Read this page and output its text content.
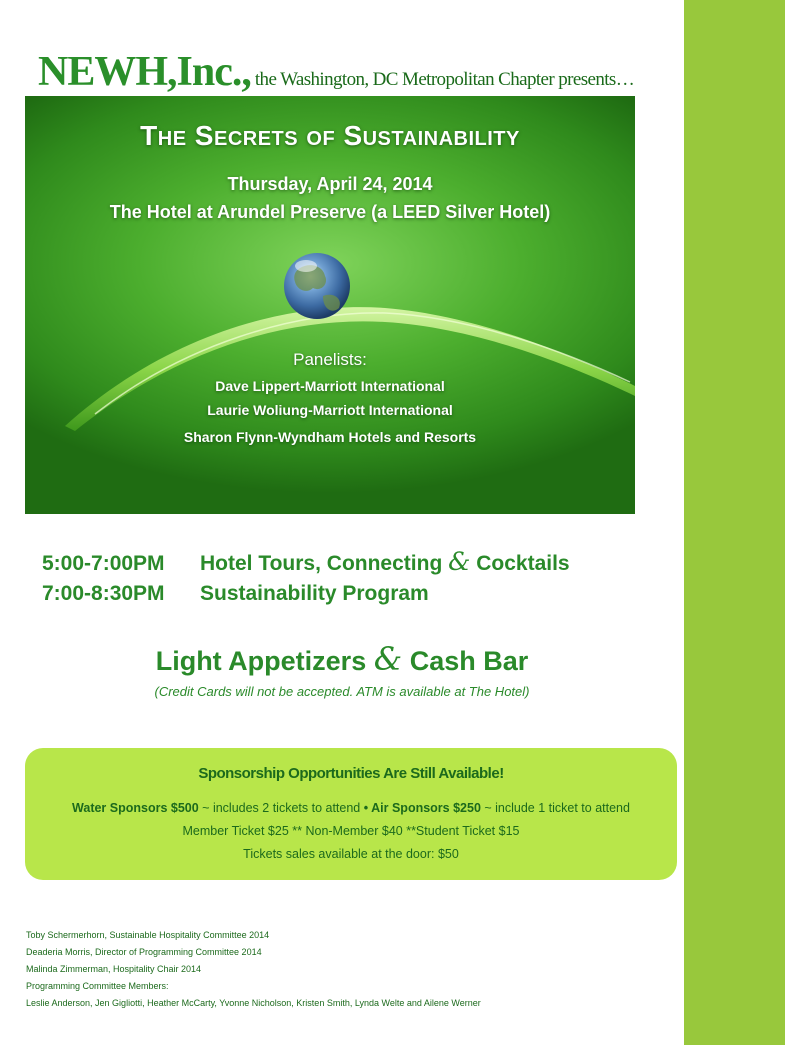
NEWH,Inc., the Washington, DC Metropolitan Chapter presents…
The Secrets of Sustainability
Thursday, April 24, 2014
The Hotel at Arundel Preserve (a LEED Silver Hotel)
Panelists:
Dave Lippert-Marriott International
Laurie Woliung-Marriott International
Sharon Flynn-Wyndham Hotels and Resorts
5:00-7:00PM Hotel Tours, Connecting & Cocktails
7:00-8:30PM Sustainability Program
Light Appetizers & Cash Bar
(Credit Cards will not be accepted. ATM is available at The Hotel)
Sponsorship Opportunities Are Still Available!
Water Sponsors $500 ~ includes 2 tickets to attend • Air Sponsors $250 ~ include 1 ticket to attend
Member Ticket $25 ** Non-Member $40 **Student Ticket $15
Tickets sales available at the door: $50
Toby Schermerhorn, Sustainable Hospitality Committee 2014
Deaderia Morris, Director of Programming Committee 2014
Malinda Zimmerman, Hospitality Chair 2014
Programming Committee Members:
Leslie Anderson, Jen Gigliotti, Heather McCarty, Yvonne Nicholson, Kristen Smith, Lynda Welte and Ailene Werner
